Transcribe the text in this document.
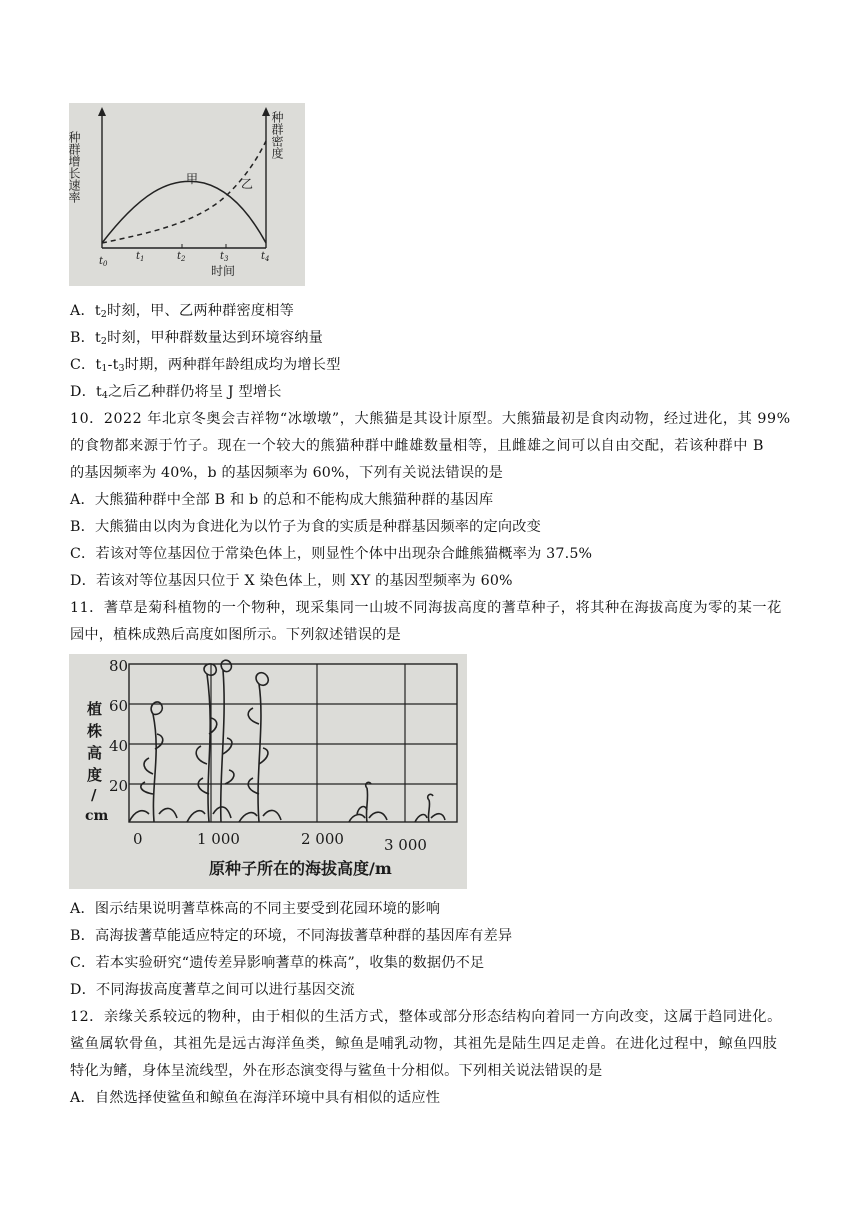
甲	乙
种群增长速率	种群密度
$t_0$
$t_1$	$t_2$	$t_3$	$t_4$
时间
A．$t_2$时刻，甲、乙两种群密度相等
B．$t_2$时刻，甲种群数量达到环境容纳量
C．$t_1-t_3$时期，两种群年龄组成均为增长型
D．$t_4$之后乙种群仍将呈 J 型增长
10．2022 年北京冬奥会吉祥物“冰墩墩”，大熊猫是其设计原型。大熊猫最初是食肉动物，经过进化，其 99%
的食物都来源于竹子。现在一个较大的熊猫种群中雌雄数量相等，且雌雄之间可以自由交配，若该种群中 B
的基因频率为 40%，b 的基因频率为 60%，下列有关说法错误的是
A．大熊猫种群中全部 B 和 b 的总和不能构成大熊猫种群的基因库
B．大熊猫由以肉为食进化为以竹子为食的实质是种群基因频率的定向改变
C．若该对等位基因位于常染色体上，则显性个体中出现杂合雌熊猫概率为 37.5%
D．若该对等位基因只位于 X 染色体上，则 XY 的基因型频率为 60%
11．蓍草是菊科植物的一个物种，现采集同一山坡不同海拔高度的蓍草种子，将其种在海拔高度为零的某一花
园中，植株成熟后高度如图所示。下列叙述错误的是
80
60
40
20
植
株
高
度
/
cm
0	1 000	2 000	3 000
原种子所在的海拔高度/m
A．图示结果说明蓍草株高的不同主要受到花园环境的影响
B．高海拔蓍草能适应特定的环境，不同海拔蓍草种群的基因库有差异
C．若本实验研究“遗传差异影响蓍草的株高”，收集的数据仍不足
D．不同海拔高度蓍草之间可以进行基因交流
12．亲缘关系较远的物种，由于相似的生活方式，整体或部分形态结构向着同一方向改变，这属于趋同进化。
鲨鱼属软骨鱼，其祖先是远古海洋鱼类，鲸鱼是哺乳动物，其祖先是陆生四足走兽。在进化过程中，鲸鱼四肢
特化为鳍，身体呈流线型，外在形态演变得与鲨鱼十分相似。下列相关说法错误的是
A．自然选择使鲨鱼和鲸鱼在海洋环境中具有相似的适应性
